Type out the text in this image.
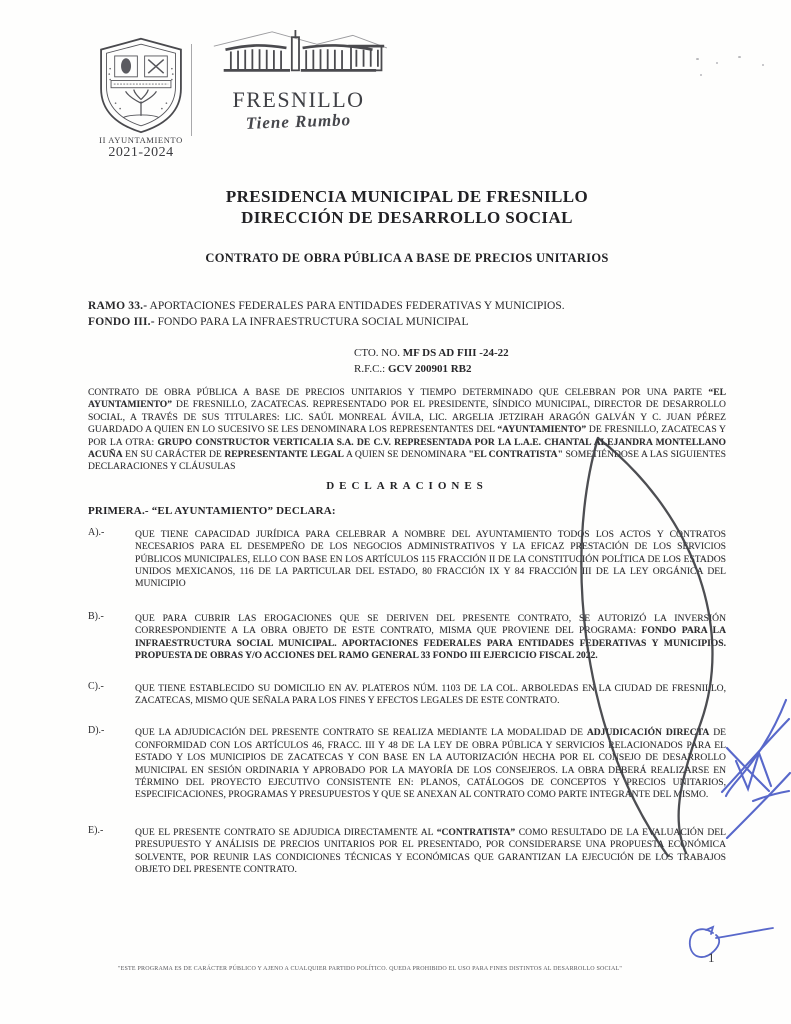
II AYUNTAMIENTO
2021-2024
FRESNILLO
Tiene Rumbo
PRESIDENCIA MUNICIPAL DE FRESNILLO
DIRECCIÓN DE DESARROLLO SOCIAL
CONTRATO DE OBRA PÚBLICA A BASE DE PRECIOS UNITARIOS
RAMO 33.- APORTACIONES FEDERALES PARA ENTIDADES FEDERATIVAS Y MUNICIPIOS.
FONDO III.- FONDO PARA LA INFRAESTRUCTURA SOCIAL MUNICIPAL
CTO. NO. MF DS AD FIII -24-22
R.F.C.: GCV 200901 RB2

CONTRATO DE OBRA PÚBLICA A BASE DE PRECIOS UNITARIOS Y TIEMPO DETERMINADO QUE CELEBRAN POR UNA PARTE “EL AYUNTAMIENTO” DE FRESNILLO, ZACATECAS. REPRESENTADO POR EL PRESIDENTE, SÍNDICO MUNICIPAL, DIRECTOR DE DESARROLLO SOCIAL, A TRAVÉS DE SUS TITULARES: LIC. SAÚL MONREAL ÁVILA, LIC. ARGELIA JETZIRAH ARAGÓN GALVÁN Y C. JUAN PÉREZ GUARDADO A QUIEN EN LO SUCESIVO SE LES DENOMINARA LOS REPRESENTANTES DEL “AYUNTAMIENTO” DE FRESNILLO, ZACATECAS Y POR LA OTRA: GRUPO CONSTRUCTOR VERTICALIA S.A. DE C.V. REPRESENTADA POR LA L.A.E. CHANTAL ALEJANDRA MONTELLANO ACUÑA EN SU CARÁCTER DE REPRESENTANTE LEGAL A QUIEN SE DENOMINARA "EL CONTRATISTA" SOMETIÉNDOSE A LAS SIGUIENTES DECLARACIONES Y CLÁUSULAS

DECLARACIONES
PRIMERA.- “EL AYUNTAMIENTO” DECLARA:
A).-	QUE TIENE CAPACIDAD JURÍDICA PARA CELEBRAR A NOMBRE DEL AYUNTAMIENTO TODOS LOS ACTOS Y CONTRATOS NECESARIOS PARA EL DESEMPEÑO DE LOS NEGOCIOS ADMINISTRATIVOS Y LA EFICAZ PRESTACIÓN DE LOS SERVICIOS PÚBLICOS MUNICIPALES, ELLO CON BASE EN LOS ARTÍCULOS 115 FRACCIÓN II DE LA CONSTITUCIÓN POLÍTICA DE LOS ESTADOS UNIDOS MEXICANOS, 116 DE LA PARTICULAR DEL ESTADO, 80 FRACCIÓN IX Y 84 FRACCIÓN III DE LA LEY ORGÁNICA DEL MUNICIPIO
B).-	QUE PARA CUBRIR LAS EROGACIONES QUE SE DERIVEN DEL PRESENTE CONTRATO, SE AUTORIZÓ LA INVERSIÓN CORRESPONDIENTE A LA OBRA OBJETO DE ESTE CONTRATO, MISMA QUE PROVIENE DEL PROGRAMA: FONDO PARA LA INFRAESTRUCTURA SOCIAL MUNICIPAL. APORTACIONES FEDERALES PARA ENTIDADES FEDERATIVAS Y MUNICIPIOS. PROPUESTA DE OBRAS Y/O ACCIONES DEL RAMO GENERAL 33 FONDO III EJERCICIO FISCAL 2022.
C).-	QUE TIENE ESTABLECIDO SU DOMICILIO EN AV. PLATEROS NÚM. 1103 DE LA COL. ARBOLEDAS EN LA CIUDAD DE FRESNILLO, ZACATECAS, MISMO QUE SEÑALA PARA LOS FINES Y EFECTOS LEGALES DE ESTE CONTRATO.
D).-	QUE LA ADJUDICACIÓN DEL PRESENTE CONTRATO SE REALIZA MEDIANTE LA MODALIDAD DE ADJUDICACIÓN DIRECTA DE CONFORMIDAD CON LOS ARTÍCULOS 46, FRACC. III Y 48 DE LA LEY DE OBRA PÚBLICA Y SERVICIOS RELACIONADOS PARA EL ESTADO Y LOS MUNICIPIOS DE ZACATECAS Y CON BASE EN LA AUTORIZACIÓN HECHA POR EL CONSEJO DE DESARROLLO MUNICIPAL EN SESIÓN ORDINARIA Y APROBADO POR LA MAYORÍA DE LOS CONSEJEROS. LA OBRA DEBERÁ REALIZARSE EN TÉRMINO DEL PROYECTO EJECUTIVO CONSISTENTE EN: PLANOS, CATÁLOGOS DE CONCEPTOS Y PRECIOS UNITARIOS, ESPECIFICACIONES, PROGRAMAS Y PRESUPUESTOS Y QUE SE ANEXAN AL CONTRATO COMO PARTE INTEGRANTE DEL MISMO.
E).-	QUE EL PRESENTE CONTRATO SE ADJUDICA DIRECTAMENTE AL “CONTRATISTA” COMO RESULTADO DE LA EVALUACIÓN DEL PRESUPUESTO Y ANÁLISIS DE PRECIOS UNITARIOS POR EL PRESENTADO, POR CONSIDERARSE UNA PROPUESTA ECONÓMICA SOLVENTE, POR REUNIR LAS CONDICIONES TÉCNICAS Y ECONÓMICAS QUE GARANTIZAN LA EJECUCIÓN DE LOS TRABAJOS OBJETO DEL PRESENTE CONTRATO.
"ESTE PROGRAMA ES DE CARÁCTER PÚBLICO Y AJENO A CUALQUIER PARTIDO POLÍTICO. QUEDA PROHIBIDO EL USO PARA FINES DISTINTOS AL DESARROLLO SOCIAL"
1
